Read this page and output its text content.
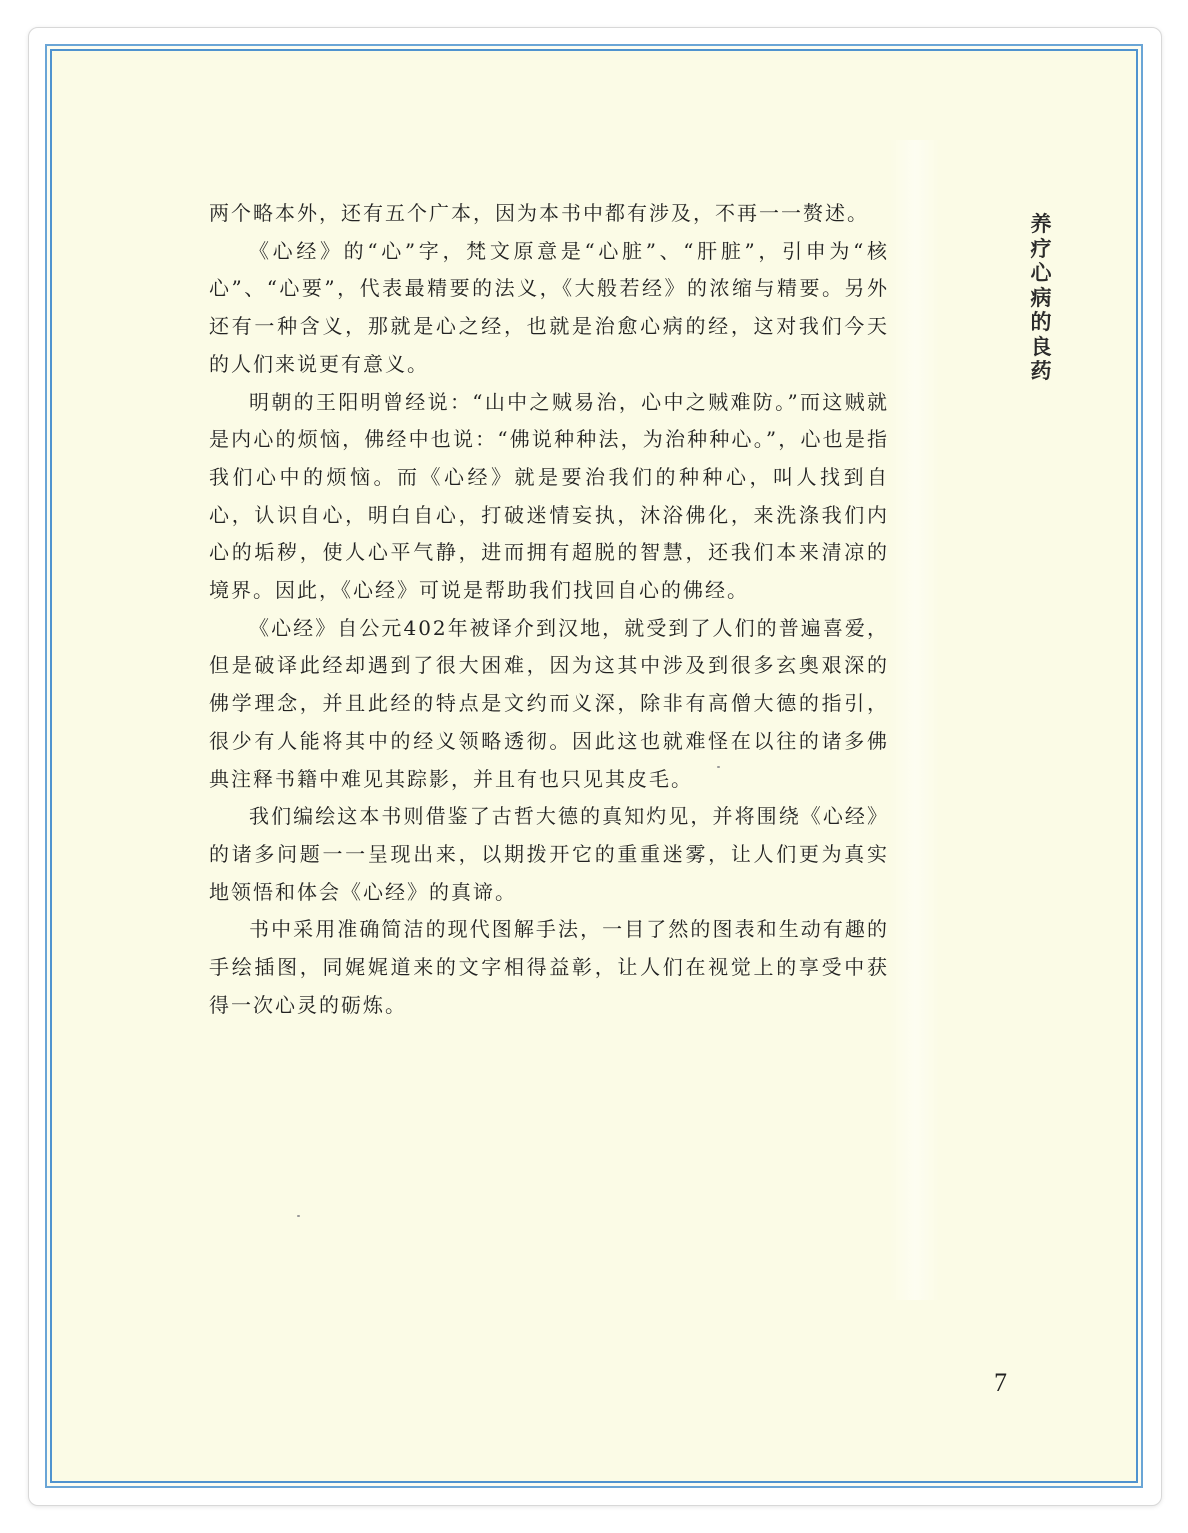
两个略本外，还有五个广本，因为本书中都有涉及，不再一一赘述。

《心经》的“心”字，梵文原意是“心脏”、“肝脏”，引申为“核心”、“心要”，代表最精要的法义，《大般若经》的浓缩与精要。另外还有一种含义，那就是心之经，也就是治愈心病的经，这对我们今天的人们来说更有意义。

明朝的王阳明曾经说：“山中之贼易治，心中之贼难防。”而这贼就是内心的烦恼，佛经中也说：“佛说种种法，为治种种心。”，心也是指我们心中的烦恼。而《心经》就是要治我们的种种心，叫人找到自心，认识自心，明白自心，打破迷情妄执，沐浴佛化，来洗涤我们内心的垢秽，使人心平气静，进而拥有超脱的智慧，还我们本来清凉的境界。因此，《心经》可说是帮助我们找回自心的佛经。

《心经》自公元402年被译介到汉地，就受到了人们的普遍喜爱，但是破译此经却遇到了很大困难，因为这其中涉及到很多玄奥艰深的佛学理念，并且此经的特点是文约而义深，除非有高僧大德的指引，很少有人能将其中的经义领略透彻。因此这也就难怪在以往的诸多佛典注释书籍中难见其踪影，并且有也只见其皮毛。

我们编绘这本书则借鉴了古哲大德的真知灼见，并将围绕《心经》的诸多问题一一呈现出来，以期拨开它的重重迷雾，让人们更为真实地领悟和体会《心经》的真谛。

书中采用准确简洁的现代图解手法，一目了然的图表和生动有趣的手绘插图，同娓娓道来的文字相得益彰，让人们在视觉上的享受中获得一次心灵的砺炼。

养疗心病的良药
7
